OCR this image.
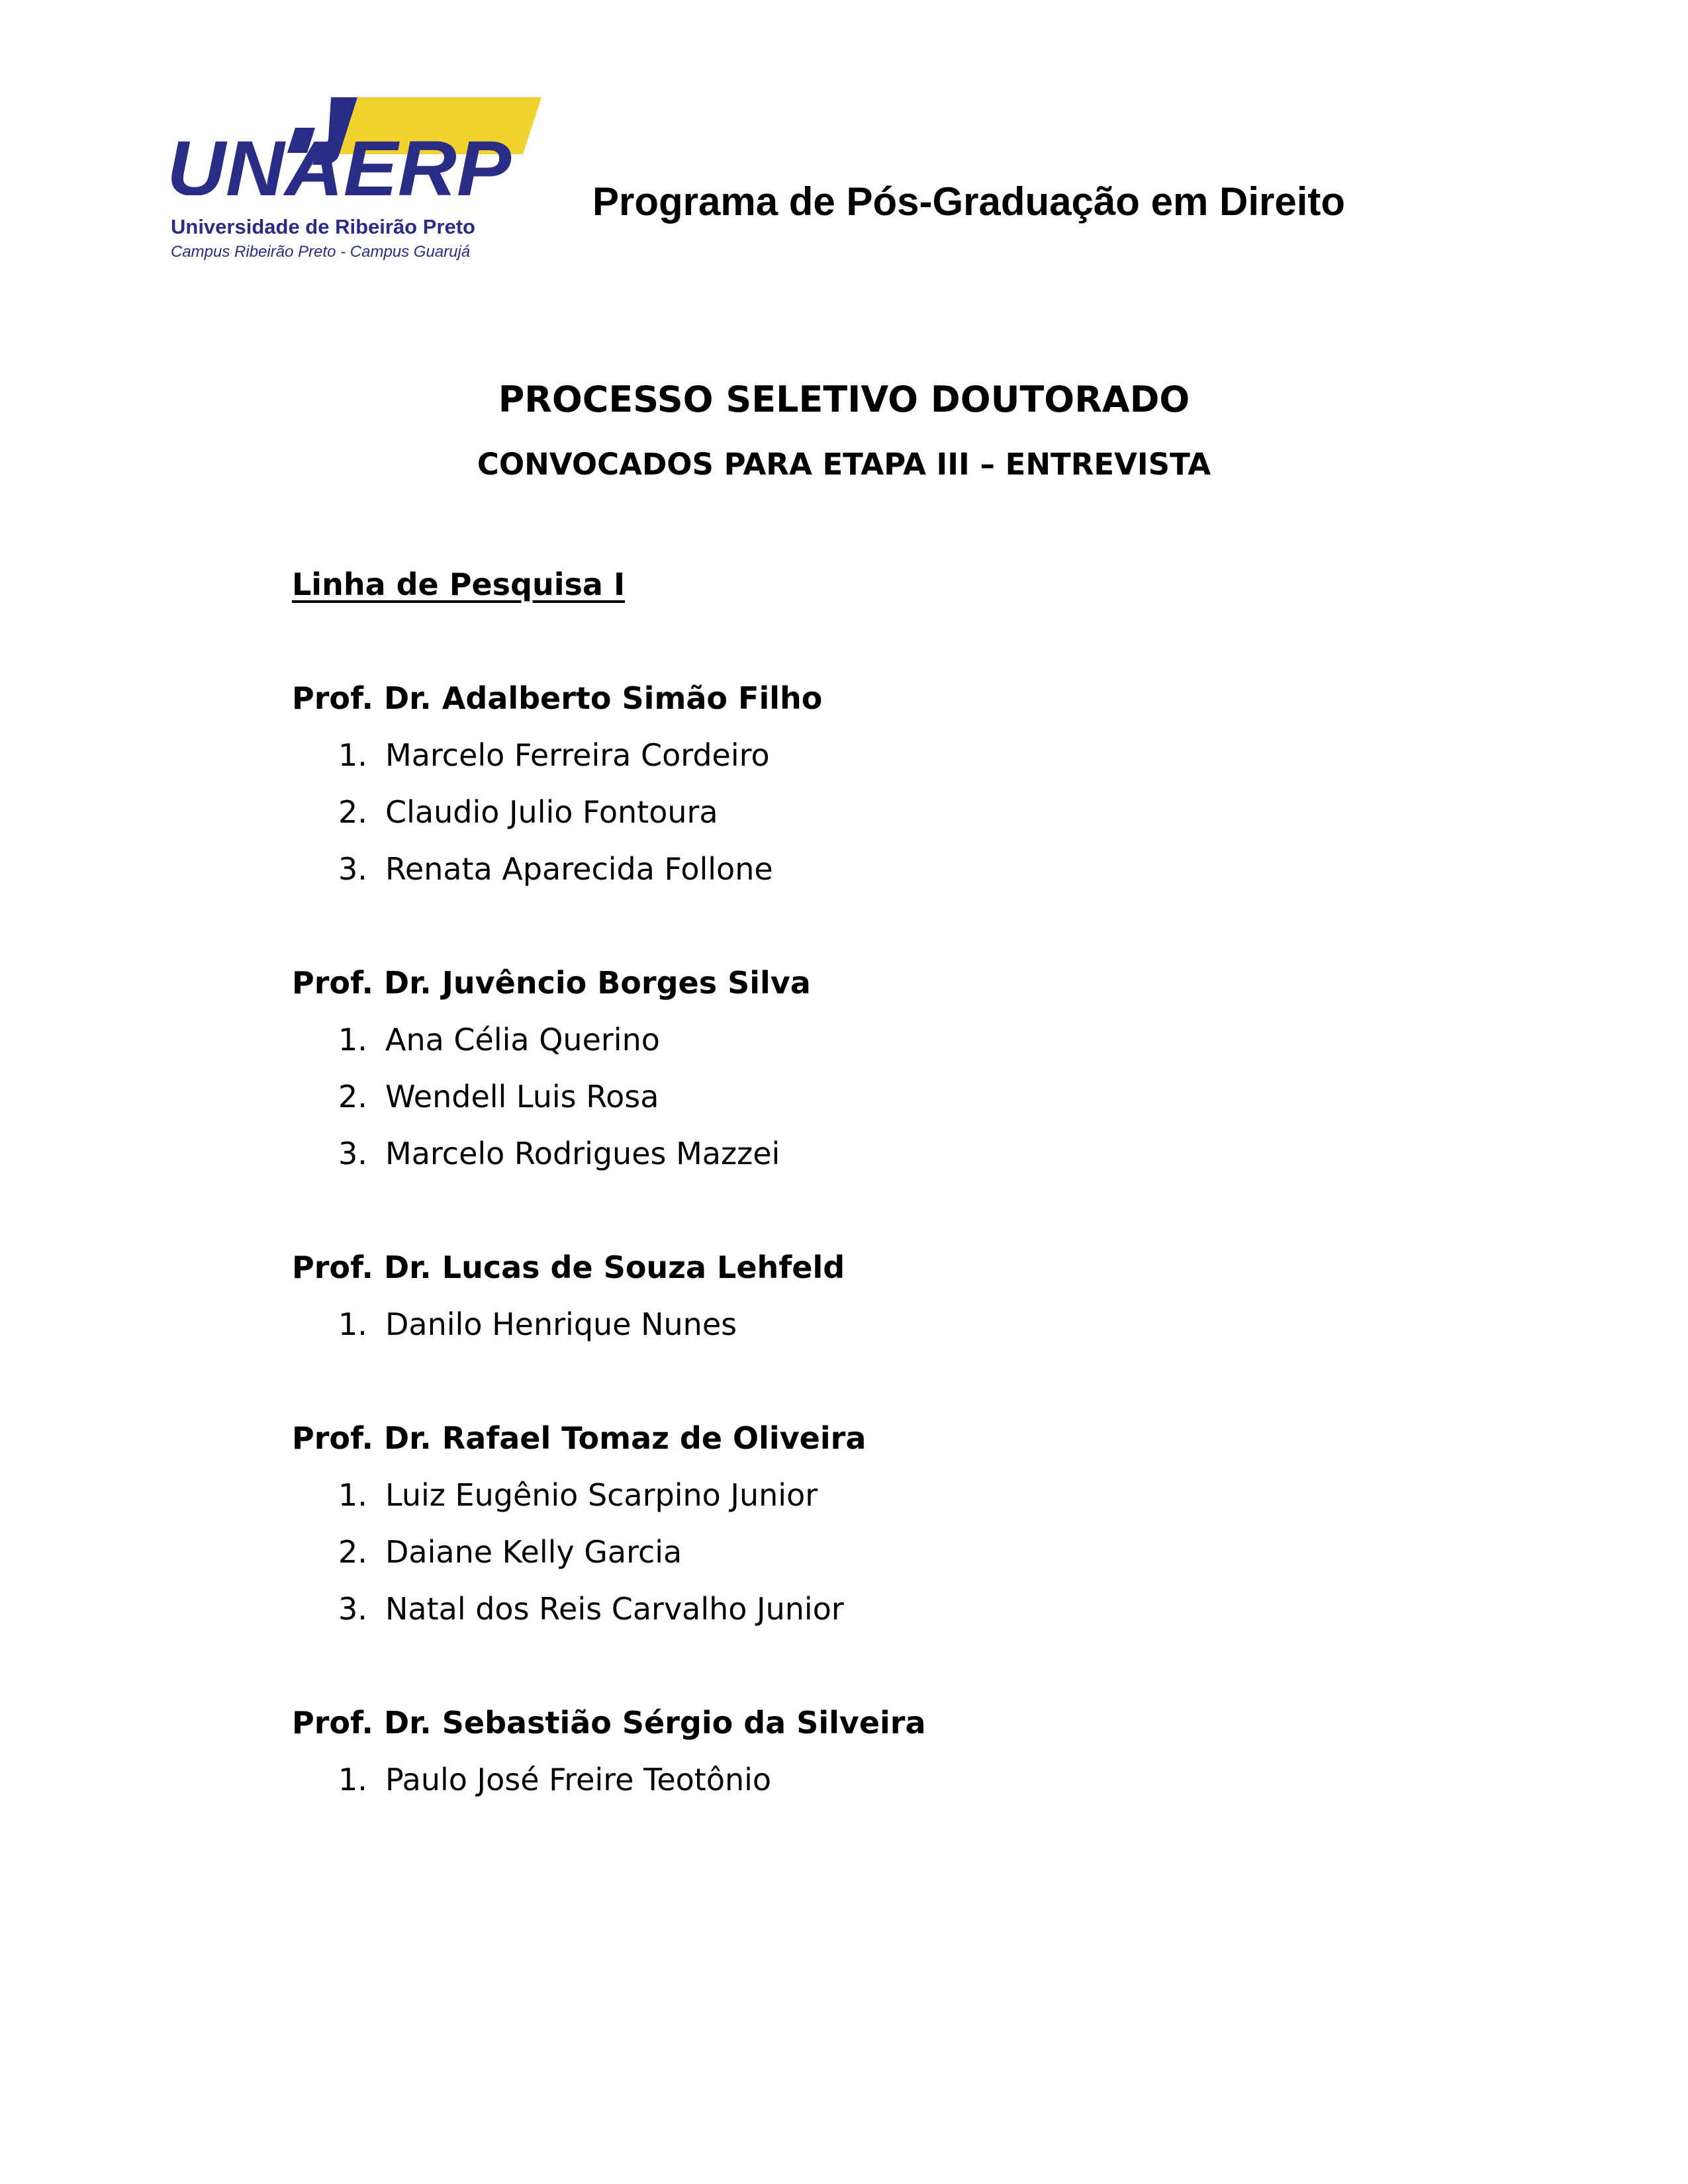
UNAERP
Universidade de Ribeirão Preto
Campus Ribeirão Preto - Campus Guarujá
Programa de Pós-Graduação em Direito
PROCESSO SELETIVO DOUTORADO
CONVOCADOS PARA ETAPA III – ENTREVISTA

Linha de Pesquisa I

Prof. Dr. Adalberto Simão Filho

1. Marcelo Ferreira Cordeiro
2. Claudio Julio Fontoura
3. Renata Aparecida Follone

Prof. Dr. Juvêncio Borges Silva

1. Ana Célia Querino
2. Wendell Luis Rosa
3. Marcelo Rodrigues Mazzei

Prof. Dr. Lucas de Souza Lehfeld

1. Danilo Henrique Nunes

Prof. Dr. Rafael Tomaz de Oliveira

1. Luiz Eugênio Scarpino Junior
2. Daiane Kelly Garcia
3. Natal dos Reis Carvalho Junior

Prof. Dr. Sebastião Sérgio da Silveira

1. Paulo José Freire Teotônio
